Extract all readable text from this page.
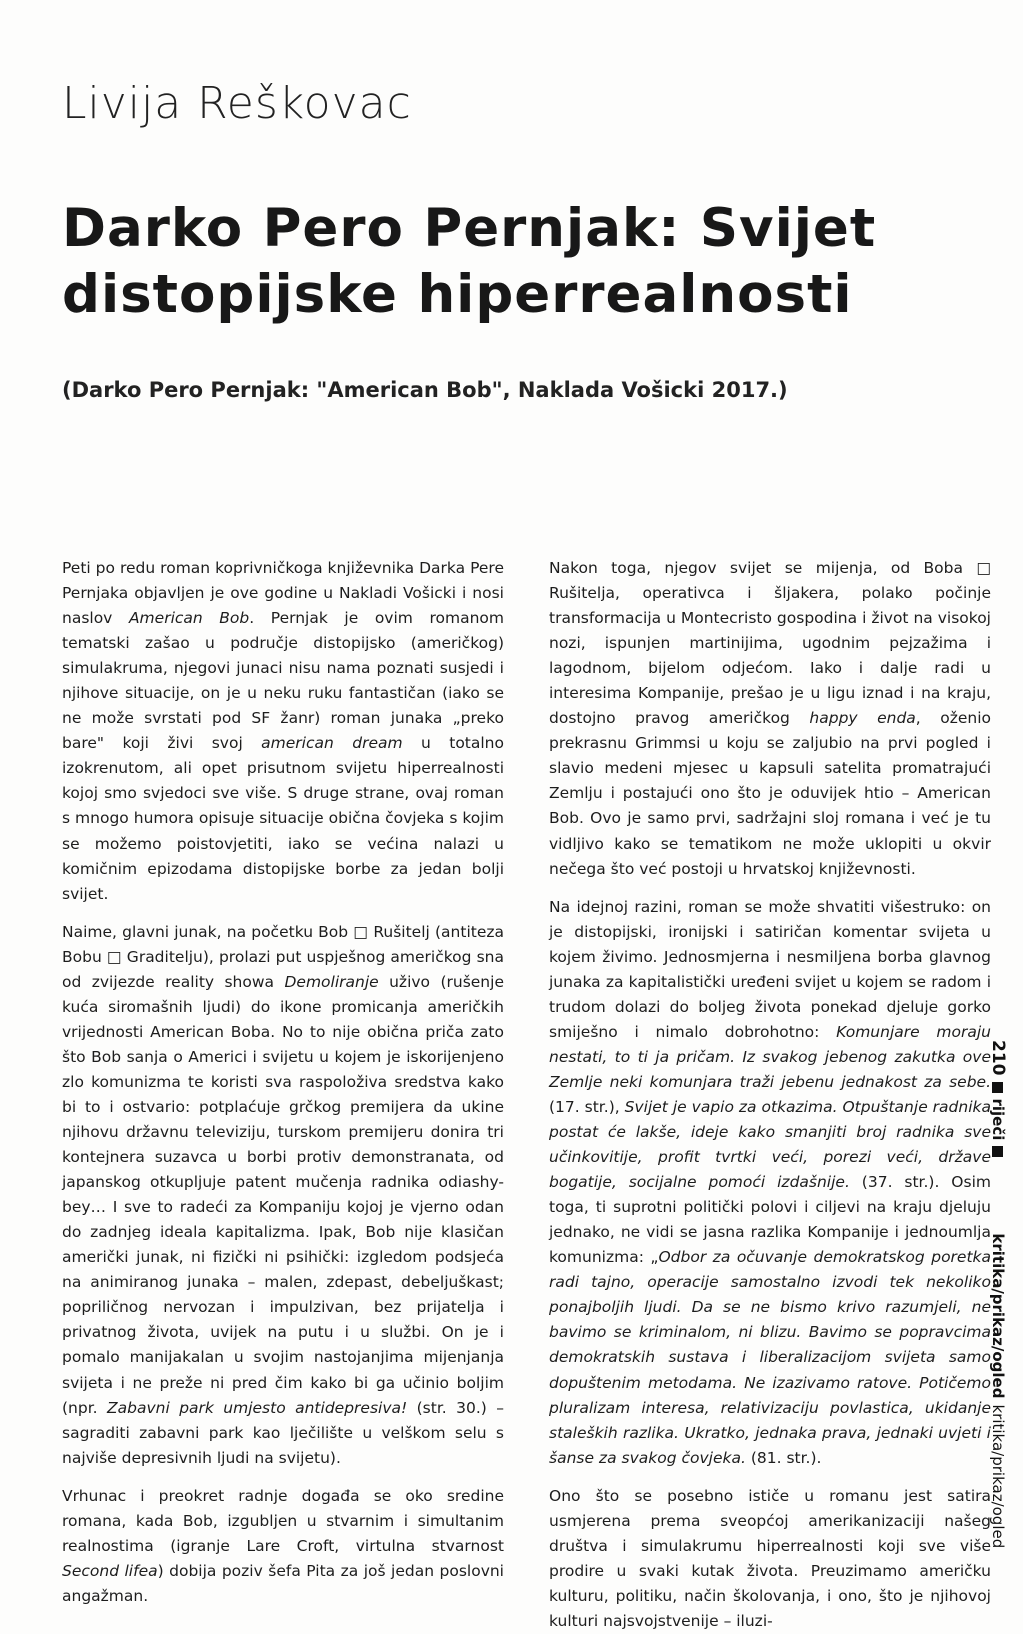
Livija Reškovac
Darko Pero Pernjak: Svijet
distopijske hiperrealnosti
(Darko Pero Pernjak: "American Bob", Naklada Vošicki 2017.)

Peti po redu roman koprivničkoga književnika Darka Pere Pernjaka objavljen je ove godine u Nakladi Vošicki i nosi naslov American Bob. Pernjak je ovim romanom tematski zašao u područje distopijsko (američkog) simulakruma, njegovi junaci nisu nama poznati susjedi i njihove situacije, on je u neku ruku fantastičan (iako se ne može svrstati pod SF žanr) roman junaka „preko bare" koji živi svoj american dream u totalno izokrenutom, ali opet prisutnom svijetu hiperrealnosti kojoj smo svjedoci sve više. S druge strane, ovaj roman s mnogo humora opisuje situacije obična čovjeka s kojim se možemo poistovjetiti, iako se većina nalazi u komičnim epizodama distopijske borbe za jedan bolji svijet.

Naime, glavni junak, na početku Bob □ Rušitelj (antiteza Bobu □ Graditelju), prolazi put uspješnog američkog sna od zvijezde reality showa Demoliranje uživo (rušenje kuća siromašnih ljudi) do ikone promicanja američkih vrijednosti American Boba. No to nije obična priča zato što Bob sanja o Americi i svijetu u kojem je iskorijenjeno zlo komunizma te koristi sva raspoloživa sredstva kako bi to i ostvario: potplaćuje grčkog premijera da ukine njihovu državnu televiziju, turskom premijeru donira tri kontejnera suzavca u borbi protiv demonstranata, od japanskog otkupljuje patent mučenja radnika odiashy-bey… I sve to radeći za Kompaniju kojoj je vjerno odan do zadnjeg ideala kapitalizma. Ipak, Bob nije klasičan američki junak, ni fizički ni psihički: izgledom podsjeća na animiranog junaka – malen, zdepast, debeljuškast; popriličnog nervozan i impulzivan, bez prijatelja i privatnog života, uvijek na putu i u službi. On je i pomalo manijakalan u svojim nastojanjima mijenjanja svijeta i ne preže ni pred čim kako bi ga učinio boljim (npr. Zabavni park umjesto antidepresiva! (str. 30.) – sagraditi zabavni park kao lječilište u velškom selu s najviše depresivnih ljudi na svijetu).

Vrhunac i preokret radnje događa se oko sredine romana, kada Bob, izgubljen u stvarnim i simultanim realnostima (igranje Lare Croft, virtulna stvarnost Second lifea) dobija poziv šefa Pita za još jedan poslovni angažman.

Nakon toga, njegov svijet se mijenja, od Boba □ Rušitelja, operativca i šljakera, polako počinje transformacija u Montecristo gospodina i život na visokoj nozi, ispunjen martinijima, ugodnim pejzažima i lagodnom, bijelom odjećom. Iako i dalje radi u interesima Kompanije, prešao je u ligu iznad i na kraju, dostojno pravog američkog happy enda, oženio prekrasnu Grimmsi u koju se zaljubio na prvi pogled i slavio medeni mjesec u kapsuli satelita promatrajući Zemlju i postajući ono što je oduvijek htio – American Bob. Ovo je samo prvi, sadržajni sloj romana i već je tu vidljivo kako se tematikom ne može uklopiti u okvir nečega što već postoji u hrvatskoj književnosti.

Na idejnoj razini, roman se može shvatiti višestruko: on je distopijski, ironijski i satiričan komentar svijeta u kojem živimo. Jednosmjerna i nesmiljena borba glavnog junaka za kapitalistički uređeni svijet u kojem se radom i trudom dolazi do boljeg života ponekad djeluje gorko smiješno i nimalo dobrohotno: Komunjare moraju nestati, to ti ja pričam. Iz svakog jebenog zakutka ove Zemlje neki komunjara traži jebenu jednakost za sebe. (17. str.), Svijet je vapio za otkazima. Otpuštanje radnika postat će lakše, ideje kako smanjiti broj radnika sve učinkovitije, profit tvrtki veći, porezi veći, države bogatije, socijalne pomoći izdašnije. (37. str.). Osim toga, ti suprotni politički polovi i ciljevi na kraju djeluju jednako, ne vidi se jasna razlika Kompanije i jednoumlja komunizma: „Odbor za očuvanje demokratskog poretka radi tajno, operacije samostalno izvodi tek nekoliko ponajboljih ljudi. Da se ne bismo krivo razumjeli, ne bavimo se kriminalom, ni blizu. Bavimo se popravcima demokratskih sustava i liberalizacijom svijeta samo dopuštenim metodama. Ne izazivamo ratove. Potičemo pluralizam interesa, relativizaciju povlastica, ukidanje staleških razlika. Ukratko, jednaka prava, jednaki uvjeti i šanse za svakog čovjeka. (81. str.).

Ono što se posebno ističe u romanu jest satira usmjerena prema sveopćoj amerikanizaciji našeg društva i simulakrumu hiperrealnosti koji sve više prodire u svaki kutak života. Preuzimamo američku kulturu, politiku, način školovanja, i ono, što je njihovoj kulturi najsvojstvenije – iluzi-

210
riječi
kritika/prikaz/ogled
kritika/prikaz/ogled
